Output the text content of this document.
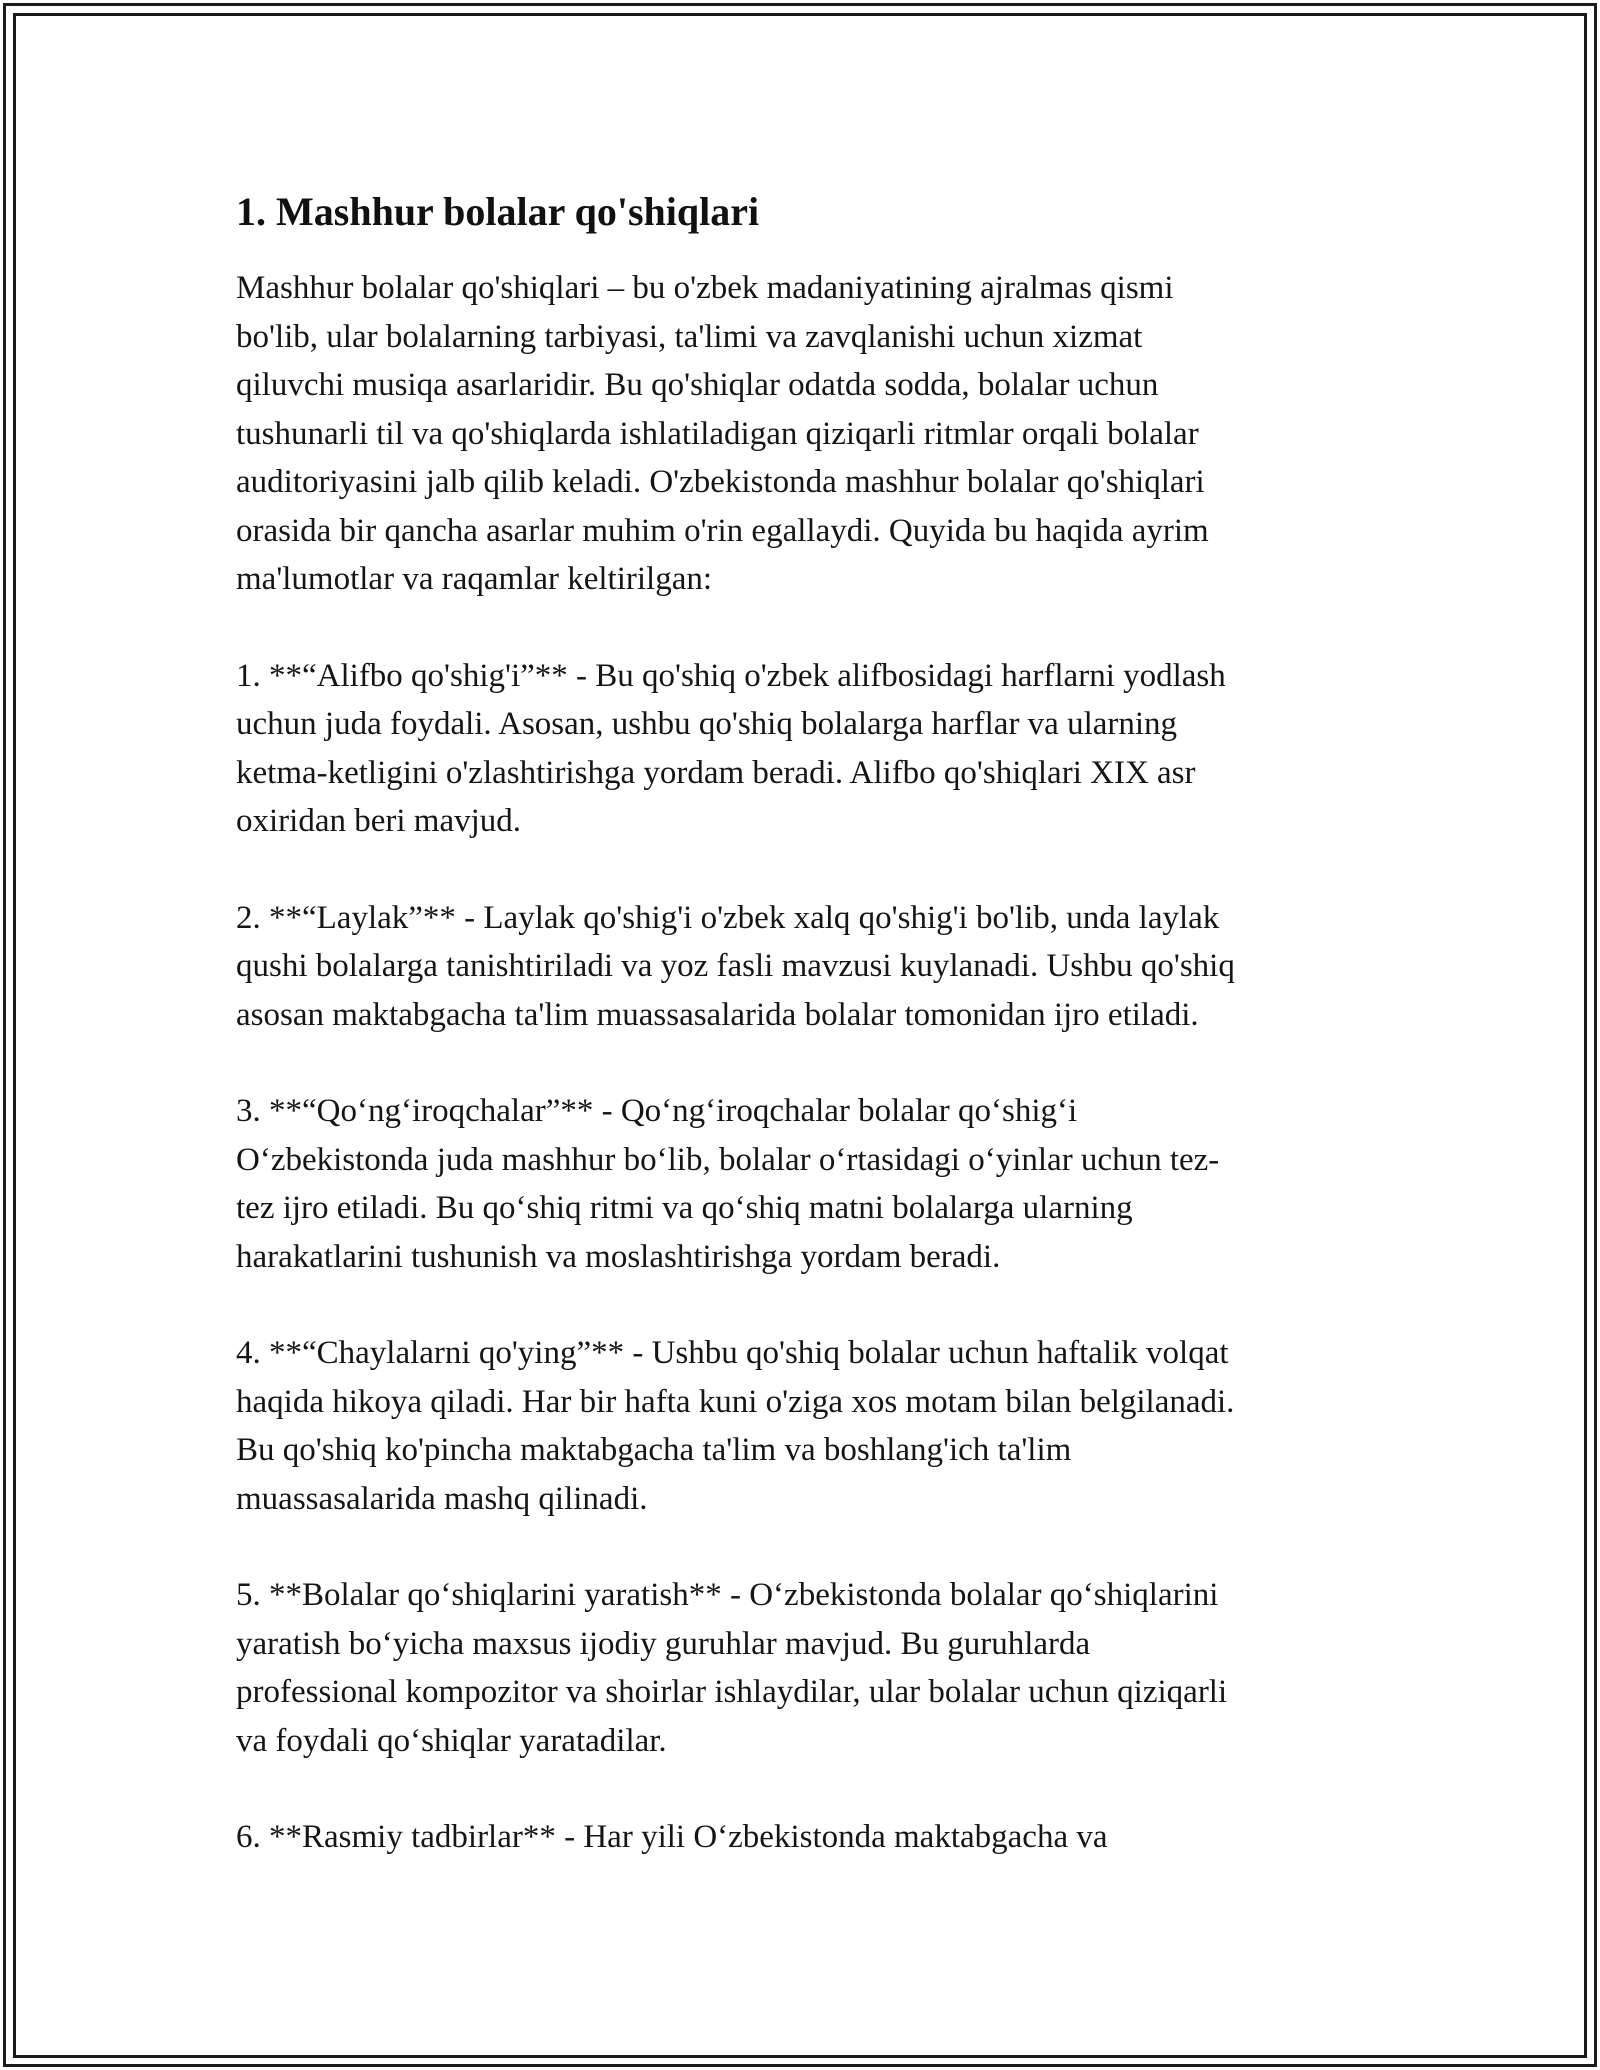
1. Mashhur bolalar qo'shiqlari

Mashhur bolalar qo'shiqlari – bu o'zbek madaniyatining ajralmas qismi
bo'lib, ular bolalarning tarbiyasi, ta'limi va zavqlanishi uchun xizmat
qiluvchi musiqa asarlaridir. Bu qo'shiqlar odatda sodda, bolalar uchun
tushunarli til va qo'shiqlarda ishlatiladigan qiziqarli ritmlar orqali bolalar
auditoriyasini jalb qilib keladi. O'zbekistonda mashhur bolalar qo'shiqlari
orasida bir qancha asarlar muhim o'rin egallaydi. Quyida bu haqida ayrim
ma'lumotlar va raqamlar keltirilgan:

1. **“Alifbo qo'shig'i”** - Bu qo'shiq o'zbek alifbosidagi harflarni yodlash
uchun juda foydali. Asosan, ushbu qo'shiq bolalarga harflar va ularning
ketma-ketligini o'zlashtirishga yordam beradi. Alifbo qo'shiqlari XIX asr
oxiridan beri mavjud.

2. **“Laylak”** - Laylak qo'shig'i o'zbek xalq qo'shig'i bo'lib, unda laylak
qushi bolalarga tanishtiriladi va yoz fasli mavzusi kuylanadi. Ushbu qo'shiq
asosan maktabgacha ta'lim muassasalarida bolalar tomonidan ijro etiladi.

3. **“Qoʻngʻiroqchalar”** - Qoʻngʻiroqchalar bolalar qoʻshigʻi
Oʻzbekistonda juda mashhur boʻlib, bolalar oʻrtasidagi oʻyinlar uchun tez-
tez ijro etiladi. Bu qoʻshiq ritmi va qoʻshiq matni bolalarga ularning
harakatlarini tushunish va moslashtirishga yordam beradi.

4. **“Chaylalarni qo'ying”** - Ushbu qo'shiq bolalar uchun haftalik volqat
haqida hikoya qiladi. Har bir hafta kuni o'ziga xos motam bilan belgilanadi.
Bu qo'shiq ko'pincha maktabgacha ta'lim va boshlang'ich ta'lim
muassasalarida mashq qilinadi.

5. **Bolalar qoʻshiqlarini yaratish** - Oʻzbekistonda bolalar qoʻshiqlarini
yaratish boʻyicha maxsus ijodiy guruhlar mavjud. Bu guruhlarda
professional kompozitor va shoirlar ishlaydilar, ular bolalar uchun qiziqarli
va foydali qoʻshiqlar yaratadilar.

6. **Rasmiy tadbirlar** - Har yili Oʻzbekistonda maktabgacha va
